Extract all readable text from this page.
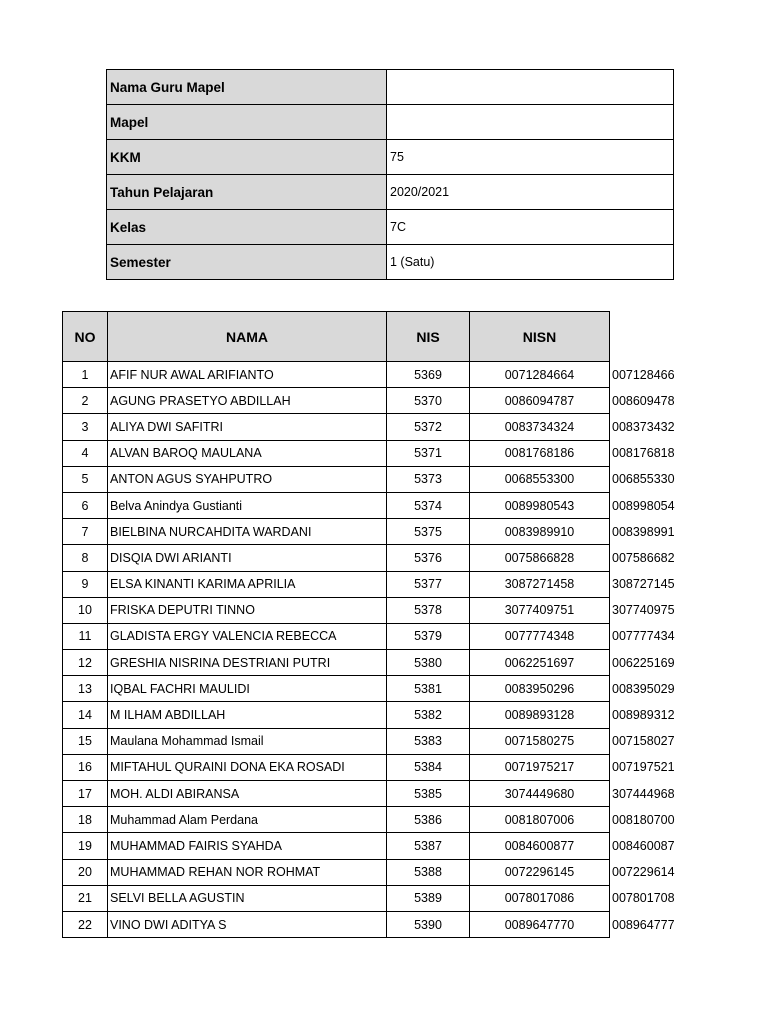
Nama Guru Mapel	
Mapel	
KKM	75
Tahun Pelajaran	2020/2021
Kelas	7C
Semester	1 (Satu)
NO	NAMA	NIS	NISN	
1	AFIF NUR AWAL ARIFIANTO	5369	0071284664	007128466
2	AGUNG PRASETYO ABDILLAH	5370	0086094787	008609478
3	ALIYA DWI SAFITRI	5372	0083734324	008373432
4	ALVAN BAROQ MAULANA	5371	0081768186	008176818
5	ANTON AGUS SYAHPUTRO	5373	0068553300	006855330
6	Belva Anindya Gustianti	5374	0089980543	008998054
7	BIELBINA NURCAHDITA WARDANI	5375	0083989910	008398991
8	DISQIA DWI ARIANTI	5376	0075866828	007586682
9	ELSA KINANTI KARIMA APRILIA	5377	3087271458	308727145
10	FRISKA DEPUTRI TINNO	5378	3077409751	307740975
11	GLADISTA ERGY VALENCIA REBECCA	5379	0077774348	007777434
12	GRESHIA NISRINA DESTRIANI PUTRI	5380	0062251697	006225169
13	IQBAL FACHRI MAULIDI	5381	0083950296	008395029
14	M ILHAM ABDILLAH	5382	0089893128	008989312
15	Maulana Mohammad Ismail	5383	0071580275	007158027
16	MIFTAHUL QURAINI DONA EKA ROSADI	5384	0071975217	007197521
17	MOH. ALDI ABIRANSA	5385	3074449680	307444968
18	Muhammad Alam Perdana	5386	0081807006	008180700
19	MUHAMMAD FAIRIS SYAHDA	5387	0084600877	008460087
20	MUHAMMAD REHAN NOR ROHMAT	5388	0072296145	007229614
21	SELVI BELLA AGUSTIN	5389	0078017086	007801708
22	VINO DWI ADITYA S	5390	0089647770	008964777
